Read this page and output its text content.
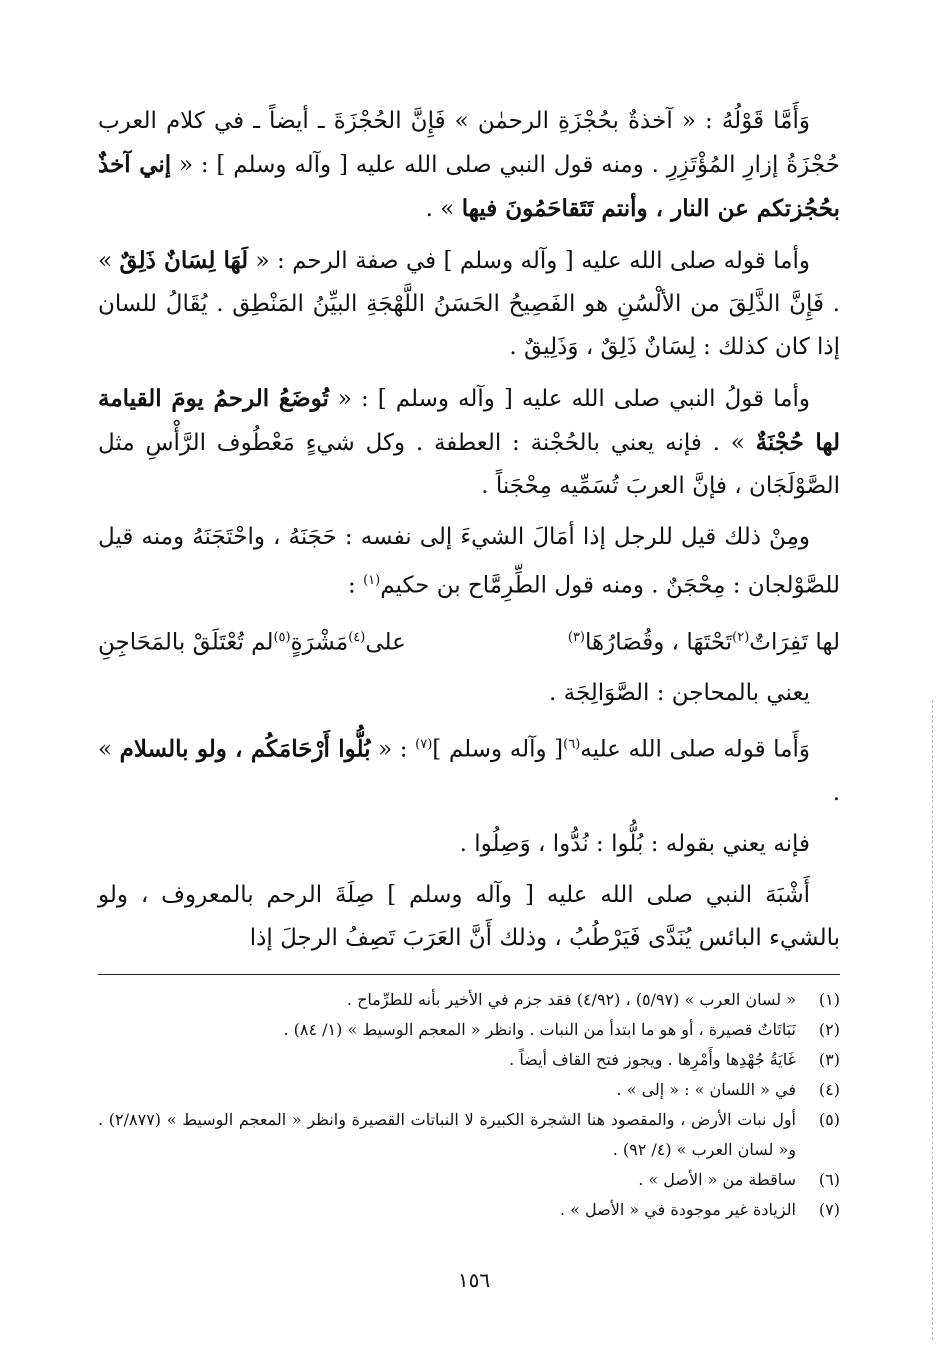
وَأَمَّا قَوْلُهُ : « آخذةٌ بحُجْزَةِ الرحمٰن » فَإِنَّ الحُجْزَةَ ـ أيضاً ـ في كلام العرب حُجْزَةُ إزارِ المُؤْتَزِرِ . ومنه قول النبي صلى الله عليه [ وآله وسلم ] : « إني آخذٌ بحُجُزتكم عن النار ، وأنتم تَتَقاحَمُونَ فيها » .

وأما قوله صلى الله عليه [ وآله وسلم ] في صفة الرحم : « لَهَا لِسَانٌ ذَلِقٌ » . فَإِنَّ الذَّلِقَ من الألْسُنِ هو الفَصِيحُ الحَسَنُ اللَّهْجَةِ البيِّنُ المَنْطِق . يُقَالُ للسان إذا كان كذلك : لِسَانٌ ذَلِقٌ ، وَذَلِيقٌ .

وأما قولُ النبي صلى الله عليه [ وآله وسلم ] : « تُوضَعُ الرحمُ يومَ القيامة لها حُجْنَةٌ » . فإنه يعني بالحُجْنة : العطفة . وكل شيءٍ مَعْطُوف الرَّأْسِ مثل الصَّوْلَجَان ، فإنَّ العربَ تُسَمِّيه مِحْجَناً .

ومِنْ ذلك قيل للرجل إذا أمَالَ الشيءَ إلى نفسه : حَجَنَهُ ، واحْتَجَنَهُ ومنه قيل للصَّوْلجان : مِحْجَنٌ . ومنه قول الطِّرِمَّاح بن حكيم$^{(١)}$ :

لها تَفِرَاتٌ$^{(٢)}$تَحْتَهَا ، وقُصَارُهَا$^{(٣)}$
على$^{(٤)}$مَشْرَةٍ$^{(٥)}$لم تُعْتَلَقْ بالمَحَاجِنِ

يعني بالمحاجن : الصَّوَالِجَة .

وَأَما قوله صلى الله عليه$^{(٦)}$[ وآله وسلم ]$^{(٧)}$ : « بُلُّوا أَرْحَامَكُم ، ولو بالسلام » .

فإنه يعني بقوله : بُلُّوا : نُدُّوا ، وَصِلُوا .

أَشْبَهَ النبي صلى الله عليه [ وآله وسلم ] صِلَةَ الرحم بالمعروف ، ولو بالشيء البائس يُنَدَّى فَيَرْطُبُ ، وذلك أَنَّ العَرَبَ تَصِفُ الرجلَ إذا

(١)
« لسان العرب » (٥/٩٧) ، (٤/٩٢) فقد جزم في الأخير بأنه للطرِّماح .
(٢)
نَبَاتَاتٌ قصيرة ، أو هو ما ابتدأ من النبات . وانظر « المعجم الوسيط » (١/ ٨٤) .
(٣)
غَايَةُ جُهْدِها وأَمْرِها . ويجوز فتح القاف أيضاً .
(٤)
في « اللسان » : « إلى » .
(٥)
أول نبات الأرض ، والمقصود هنا الشجرة الكبيرة لا النباتات القصيرة وانظر « المعجم الوسيط » (٢/٨٧٧) . و« لسان العرب » (٤/ ٩٢) .
(٦)
ساقطة من « الأصل » .
(٧)
الزيادة غير موجودة في « الأصل » .
١٥٦
